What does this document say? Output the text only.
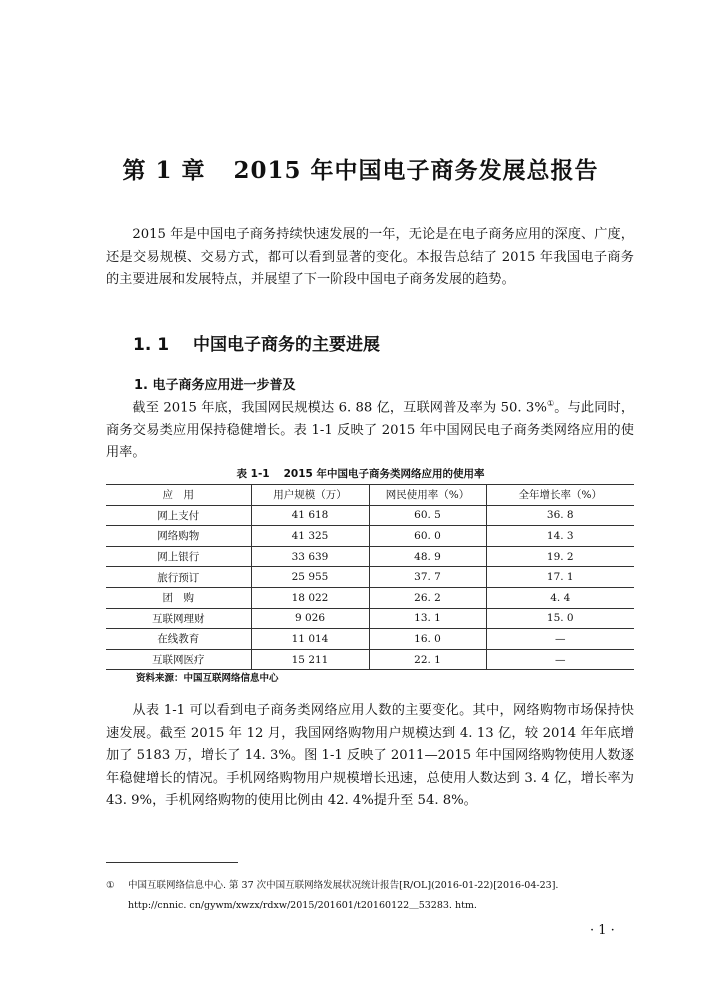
第 1 章 2015 年中国电子商务发展总报告

2015 年是中国电子商务持续快速发展的一年，无论是在电子商务应用的深度、广度，还是交易规模、交易方式，都可以看到显著的变化。本报告总结了 2015 年我国电子商务的主要进展和发展特点，并展望了下一阶段中国电子商务发展的趋势。

1. 1 中国电子商务的主要进展
1. 电子商务应用进一步普及

截至 2015 年底，我国网民规模达 6. 88 亿，互联网普及率为 50. 3%①。与此同时，商务交易类应用保持稳健增长。表 1-1 反映了 2015 年中国网民电子商务类网络应用的使用率。

表 1-1 2015 年中国电子商务类网络应用的使用率
应　用	用户规模（万）	网民使用率（%）	全年增长率（%）
网上支付	41 618	60. 5	36. 8
网络购物	41 325	60. 0	14. 3
网上银行	33 639	48. 9	19. 2
旅行预订	25 955	37. 7	17. 1
团　购	18 022	26. 2	4. 4
互联网理财	9 026	13. 1	15. 0
在线教育	11 014	16. 0	—
互联网医疗	15 211	22. 1	—
资料来源：中国互联网络信息中心

从表 1-1 可以看到电子商务类网络应用人数的主要变化。其中，网络购物市场保持快速发展。截至 2015 年 12 月，我国网络购物用户规模达到 4. 13 亿，较 2014 年年底增加了 5183 万，增长了 14. 3%。图 1-1 反映了 2011—2015 年中国网络购物使用人数逐年稳健增长的情况。手机网络购物用户规模增长迅速，总使用人数达到 3. 4 亿，增长率为 43. 9%，手机网络购物的使用比例由 42. 4%提升至 54. 8%。

① 中国互联网络信息中心. 第 37 次中国互联网络发展状况统计报告[R/OL](2016-01-22)[2016-04-23].
http://cnnic. cn/gywm/xwzx/rdxw/2015/201601/t20160122＿53283. htm.
· 1 ·
